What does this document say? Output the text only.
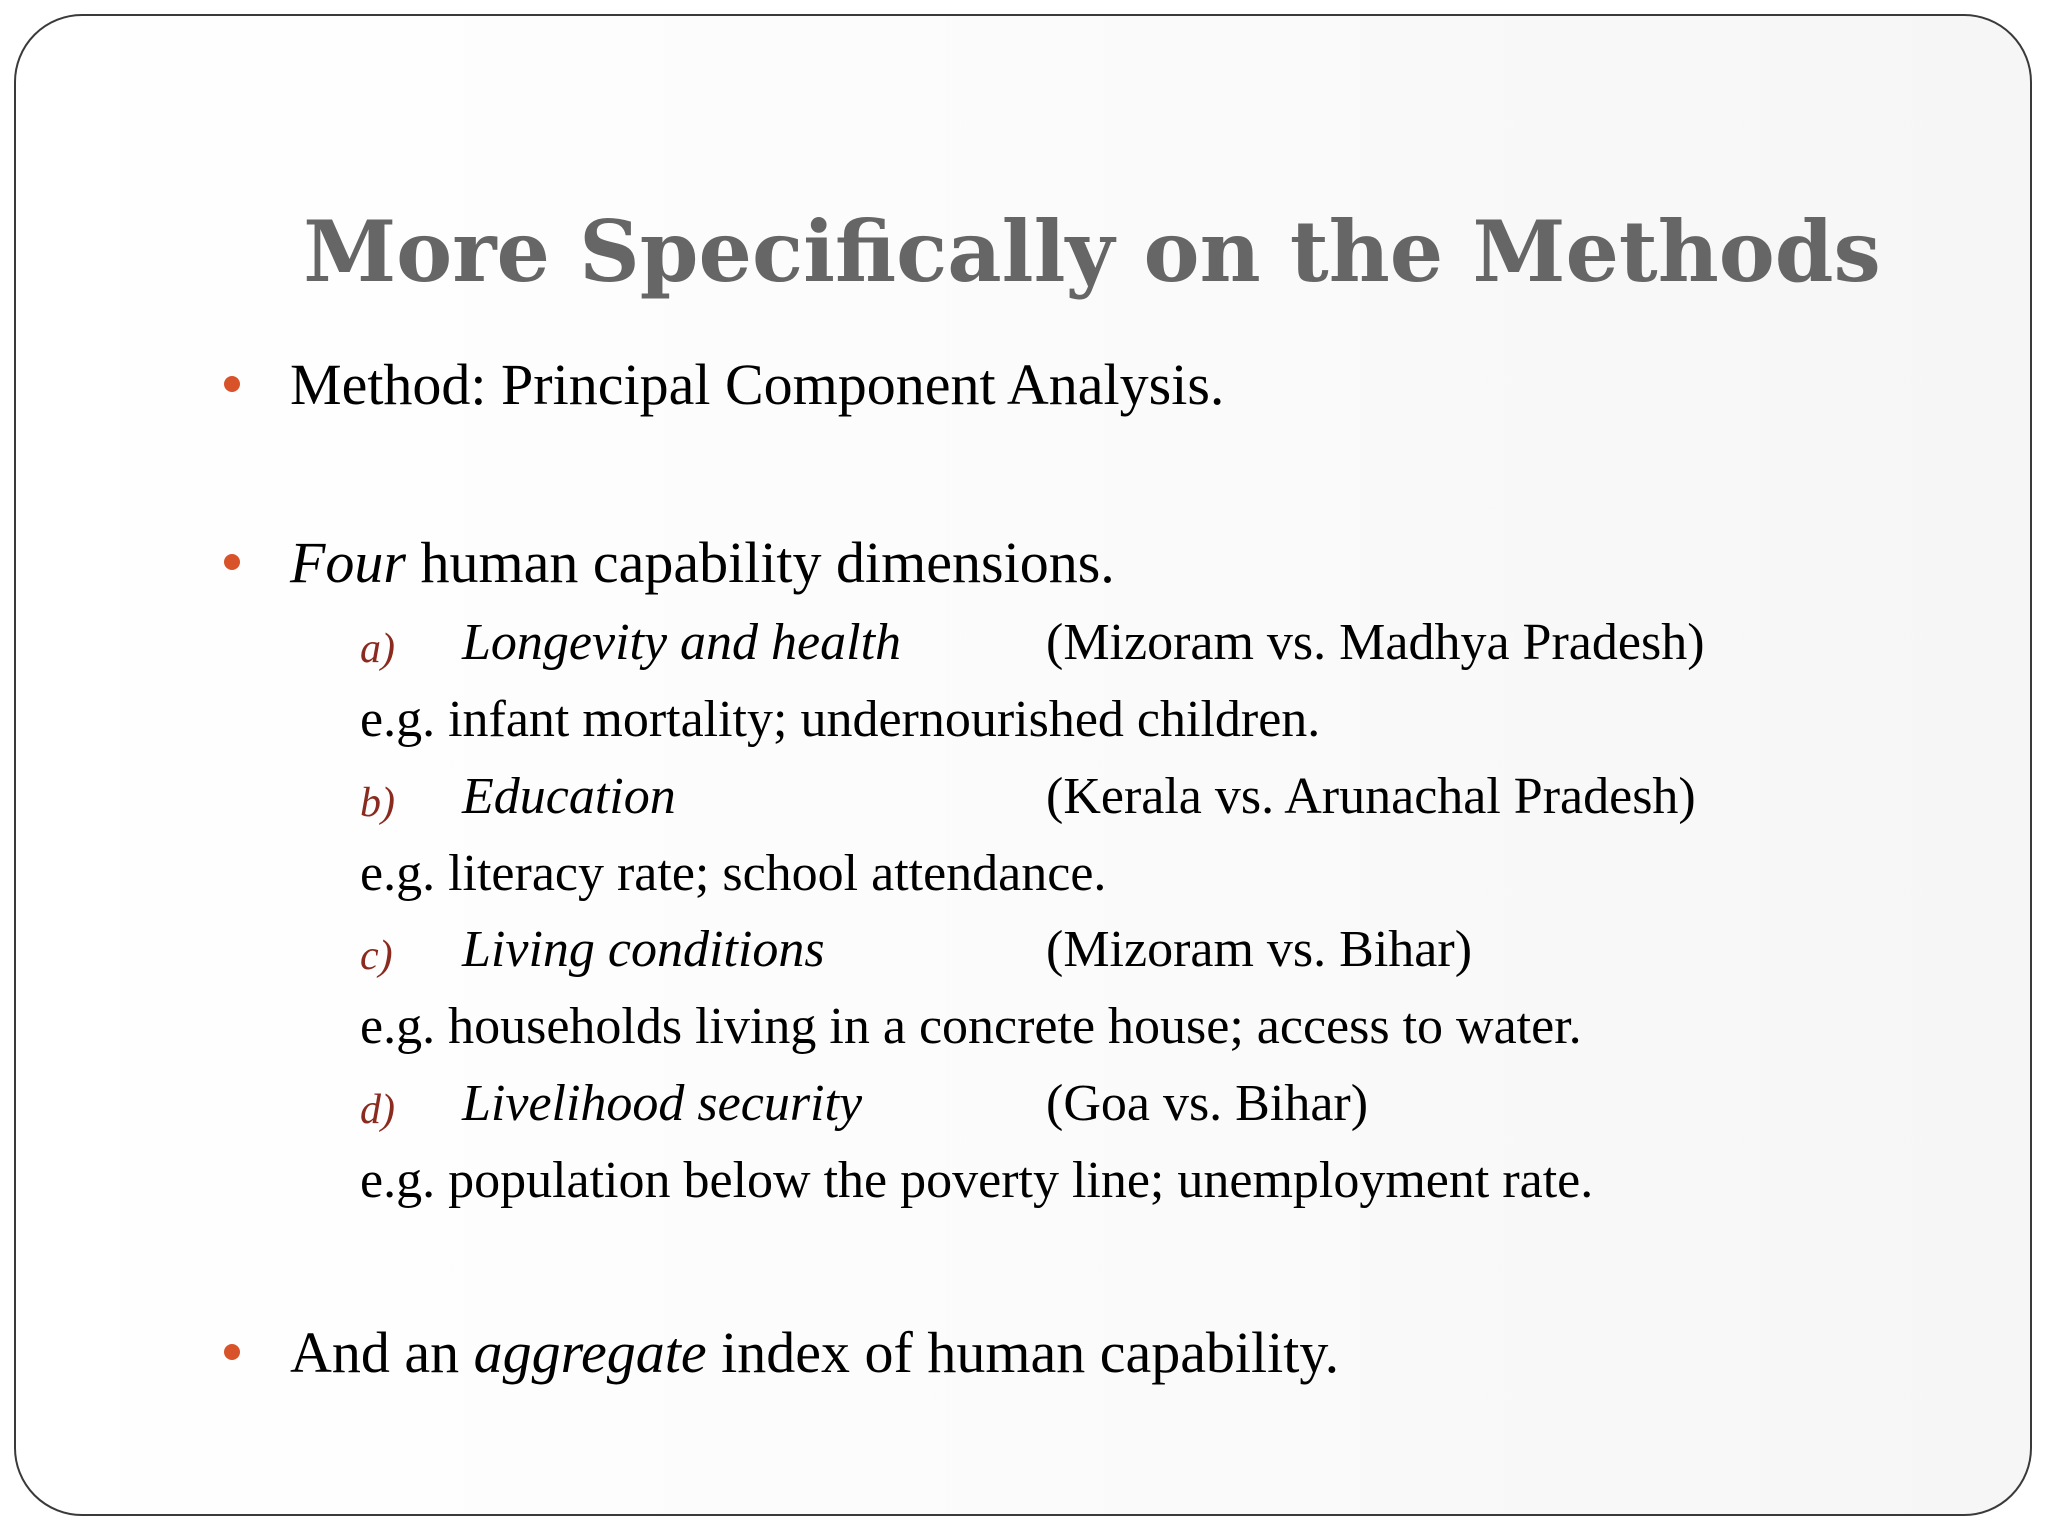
More Specifically on the Methods
Method: Principal Component Analysis.
Four human capability dimensions.
a) Longevity and health	(Mizoram vs. Madhya Pradesh)
e.g. infant mortality; undernourished children.
b) Education	(Kerala vs. Arunachal Pradesh)
e.g. literacy rate; school attendance.
c) Living conditions	(Mizoram vs. Bihar)
e.g. households living in a concrete house; access to water.
d) Livelihood security	(Goa vs. Bihar)
e.g. population below the poverty line; unemployment rate.
And an aggregate index of human capability.
